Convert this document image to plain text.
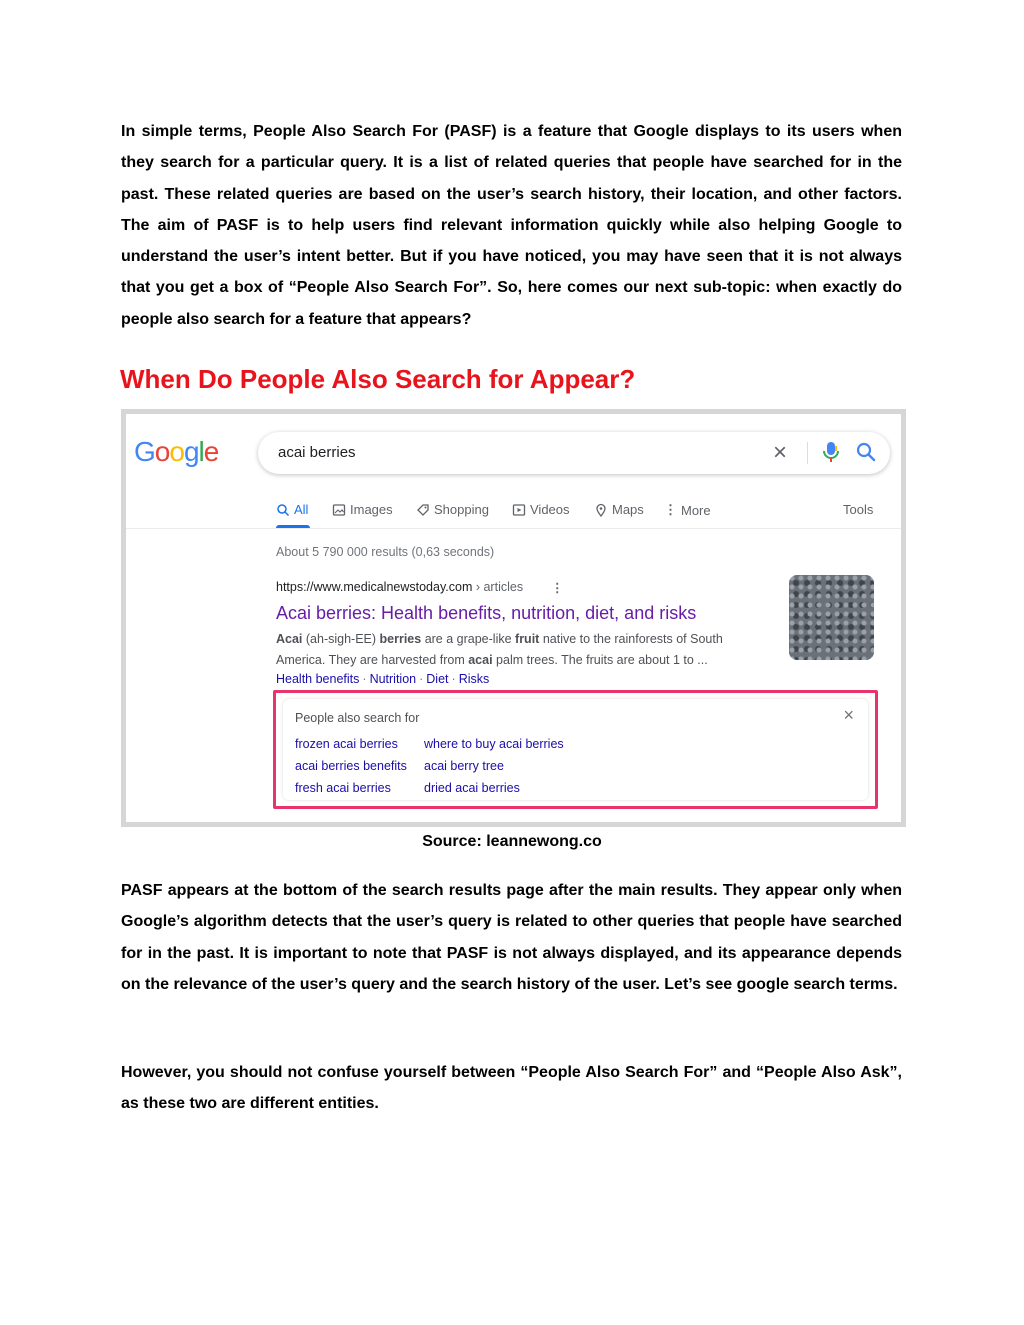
In simple terms, People Also Search For (PASF) is a feature that Google displays to its users when they search for a particular query. It is a list of related queries that people have searched for in the past. These related queries are based on the user’s search history, their location, and other factors. The aim of PASF is to help users find relevant information quickly while also helping Google to understand the user’s intent better. But if you have noticed, you may have seen that it is not always that you get a box of “People Also Search For”. So, here comes our next sub-topic: when exactly do people also search for a feature that appears?

When Do People Also Search for Appear?
Google	acai berries	×
All	Images	Shopping	Videos	Maps ⋮ More	Tools
About 5 790 000 results (0,63 seconds)
https://www.medicalnewstoday.com › articles ⋮
Acai berries: Health benefits, nutrition, diet, and risks
Acai (ah-sigh-EE) berries are a grape-like fruit native to the rainforests of South America. They are harvested from acai palm trees. The fruits are about 1 to ...
Health benefits · Nutrition · Diet · Risks
People also search for	×
frozen acai berries	where to buy acai berries
acai berries benefits	acai berry tree
fresh acai berries	dried acai berries

Source: leannewong.co

PASF appears at the bottom of the search results page after the main results. They appear only when Google’s algorithm detects that the user’s query is related to other queries that people have searched for in the past. It is important to note that PASF is not always displayed, and its appearance depends on the relevance of the user’s query and the search history of the user. Let’s see google search terms.

However, you should not confuse yourself between “People Also Search For” and “People Also Ask”, as these two are different entities.
